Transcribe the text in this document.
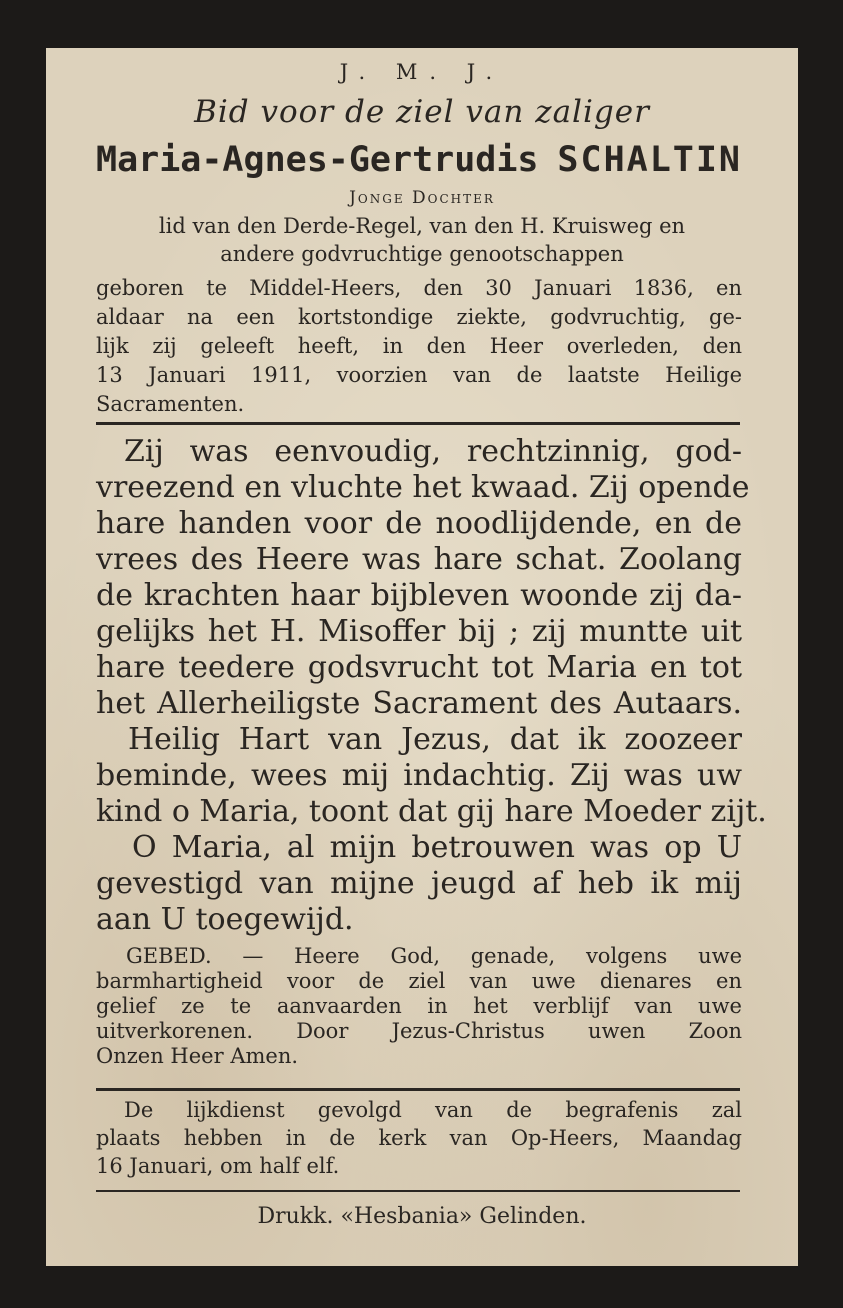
J. M. J.
Bid voor de ziel van zaliger
Maria-Agnes-Gertrudis SCHALTIN
Jonge Dochter
lid van den Derde-Regel, van den H. Kruisweg en
andere godvruchtige genootschappen
geboren te Middel-Heers, den 30 Januari 1836, en
aldaar na een kortstondige ziekte, godvruchtig, ge-
lijk zij geleeft heeft, in den Heer overleden, den
13 Januari 1911, voorzien van de laatste Heilige
Sacramenten.
Zij was eenvoudig, rechtzinnig, god-
vreezend en vluchte het kwaad. Zij opende
hare handen voor de noodlijdende, en de
vrees des Heere was hare schat. Zoolang
de krachten haar bijbleven woonde zij da-
gelijks het H. Misoffer bij ; zij muntte uit
hare teedere godsvrucht tot Maria en tot
het Allerheiligste Sacrament des Autaars.
Heilig Hart van Jezus, dat ik zoozeer
beminde, wees mij indachtig. Zij was uw
kind o Maria, toont dat gij hare Moeder zijt.
O Maria, al mijn betrouwen was op U
gevestigd van mijne jeugd af heb ik mij
aan U toegewijd.
GEBED. — Heere God, genade, volgens uwe
barmhartigheid voor de ziel van uwe dienares en
gelief ze te aanvaarden in het verblijf van uwe
uitverkorenen. Door Jezus-Christus uwen Zoon
Onzen Heer Amen.
De lijkdienst gevolgd van de begrafenis zal
plaats hebben in de kerk van Op-Heers, Maandag
16 Januari, om half elf.
Drukk. «Hesbania» Gelinden.
